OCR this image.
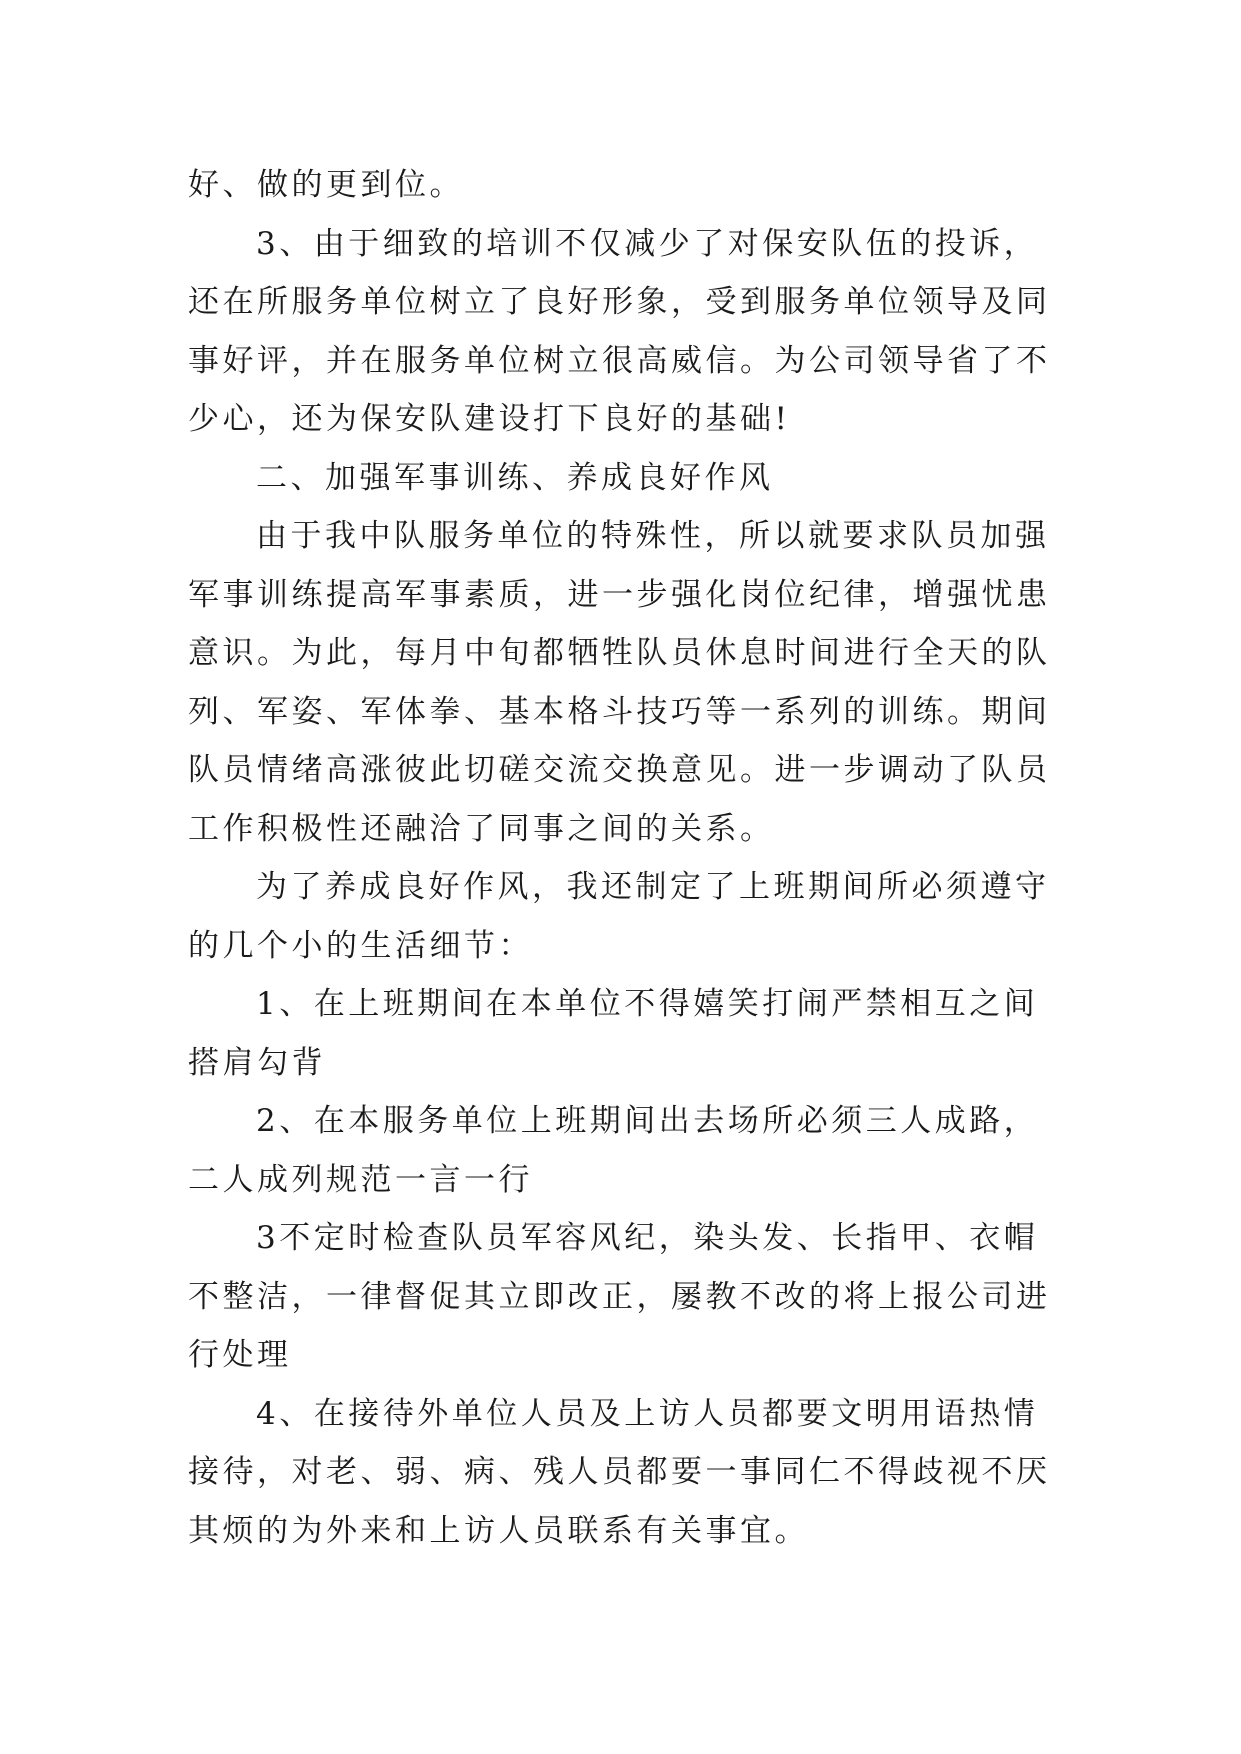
好、做的更到位。

3、由于细致的培训不仅减少了对保安队伍的投诉，还在所服务单位树立了良好形象，受到服务单位领导及同事好评，并在服务单位树立很高威信。为公司领导省了不少心，还为保安队建设打下良好的基础!

二、加强军事训练、养成良好作风

由于我中队服务单位的特殊性，所以就要求队员加强军事训练提高军事素质，进一步强化岗位纪律，增强忧患意识。为此，每月中旬都牺牲队员休息时间进行全天的队列、军姿、军体拳、基本格斗技巧等一系列的训练。期间队员情绪高涨彼此切磋交流交换意见。进一步调动了队员工作积极性还融洽了同事之间的关系。

为了养成良好作风，我还制定了上班期间所必须遵守的几个小的生活细节：

1、在上班期间在本单位不得嬉笑打闹严禁相互之间搭肩勾背

2、在本服务单位上班期间出去场所必须三人成路，二人成列规范一言一行

3不定时检查队员军容风纪，染头发、长指甲、衣帽不整洁，一律督促其立即改正，屡教不改的将上报公司进行处理

4、在接待外单位人员及上访人员都要文明用语热情接待，对老、弱、病、残人员都要一事同仁不得歧视不厌其烦的为外来和上访人员联系有关事宜。
